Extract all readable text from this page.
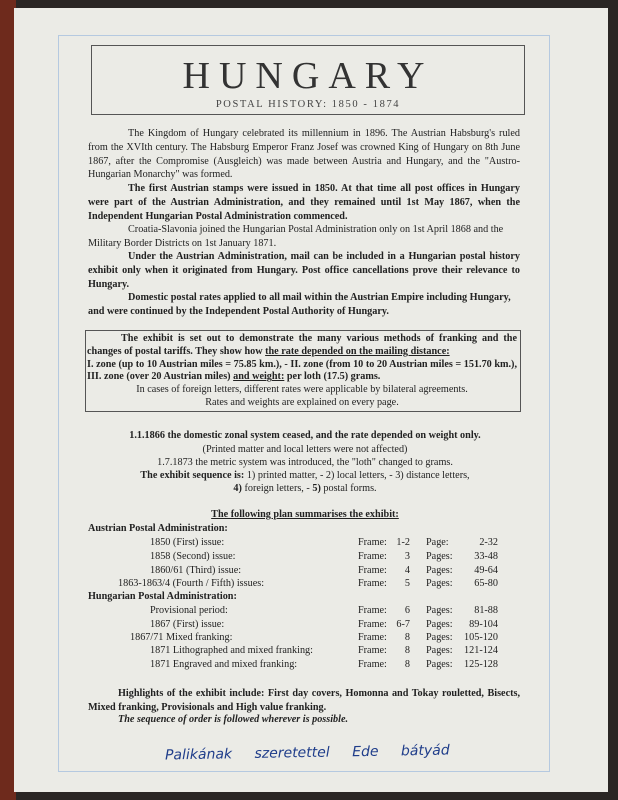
HUNGARY
POSTAL HISTORY: 1850 - 1874
The Kingdom of Hungary celebrated its millennium in 1896. The Austrian Habsburg's ruled from the XVIth century. The Habsburg Emperor Franz Josef was crowned King of Hungary on 8th June 1867, after the Compromise (Ausgleich) was made between Austria and Hungary, and the "Austro-Hungarian Monarchy" was formed.
The first Austrian stamps were issued in 1850. At that time all post offices in Hungary were part of the Austrian Administration, and they remained until 1st May 1867, when the Independent Hungarian Postal Administration commenced.
Croatia-Slavonia joined the Hungarian Postal Administration only on 1st April 1868 and the Military Border Districts on 1st January 1871.
Under the Austrian Administration, mail can be included in a Hungarian postal history exhibit only when it originated from Hungary. Post office cancellations prove their relevance to Hungary.
Domestic postal rates applied to all mail within the Austrian Empire including Hungary, and were continued by the Independent Postal Authority of Hungary.
The exhibit is set out to demonstrate the many various methods of franking and the changes of postal tariffs. They show how the rate depended on the mailing distance:
I. zone (up to 10 Austrian miles = 75.85 km.), - II. zone (from 10 to 20 Austrian miles = 151.70 km.), III. zone (over 20 Austrian miles) and weight: per loth (17.5) grams.
In cases of foreign letters, different rates were applicable by bilateral agreements.
Rates and weights are explained on every page.
1.1.1866 the domestic zonal system ceased, and the rate depended on weight only.
(Printed matter and local letters were not affected)
1.7.1873 the metric system was introduced, the "loth" changed to grams.
The exhibit sequence is: 1) printed matter, - 2) local letters, - 3) distance letters,
4) foreign letters, - 5) postal forms.
The following plan summarises the exhibit:
Austrian Postal Administration:
Hungarian Postal Administration:
1850 (First) issue:	Frame: 1-2 Page:	2-32
1858 (Second) issue:	Frame:	3 Pages:	33-48
1860/61 (Third) issue:	Frame:	4 Pages:	49-64
1863-1863/4 (Fourth / Fifth) issues:	Frame:	5 Pages:	65-80
Provisional period:	Frame:	6 Pages:	81-88
1867 (First) issue:	Frame: 6-7 Pages:	89-104
1867/71 Mixed franking:	Frame:	8 Pages:	105-120
1871 Lithographed and mixed franking:	Frame:	8 Pages:	121-124
1871 Engraved and mixed franking:	Frame:	8 Pages:	125-128
Highlights of the exhibit include: First day covers, Homonna and Tokay rouletted, Bisects, Mixed franking, Provisionals and High value franking.
The sequence of order is followed wherever is possible.
Palikának szeretettel Ede bátyád
